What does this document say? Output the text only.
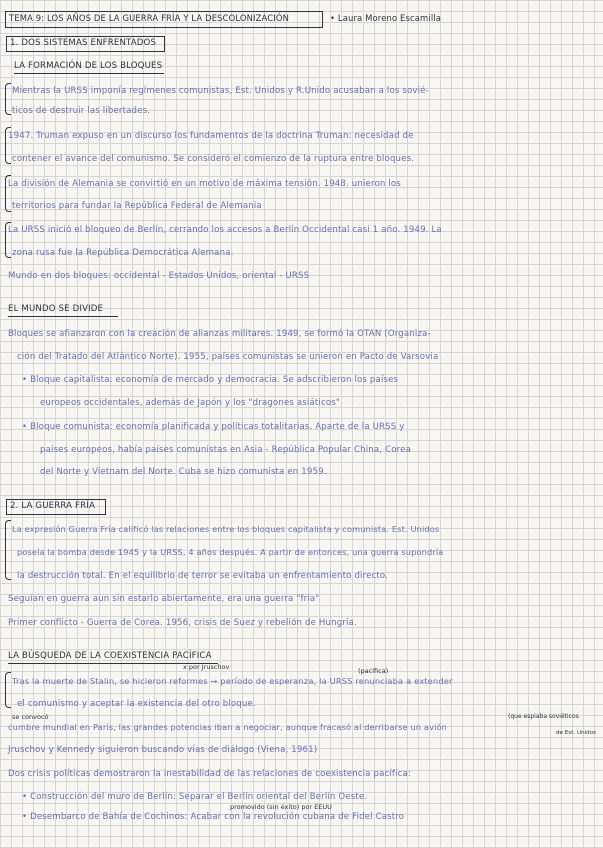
TEMA 9: LOS AÑOS DE LA GUERRA FRÍA Y LA DESCOLONIZACIÓN	• Laura Moreno Escamilla
1. DOS SISTEMAS ENFRENTADOS
LA FORMACIÓN DE LOS BLOQUES
Mientras la URSS imponía regímenes comunistas, Est. Unidos y R.Unido acusaban a los sovié-
ticos de destruir las libertades.
1947. Truman expuso en un discurso los fundamentos de la doctrina Truman: necesidad de
contener el avance del comunismo. Se consideró el comienzo de la ruptura entre bloques.
La división de Alemania se convirtió en un motivo de máxima tensión. 1948. unieron los
territorios para fundar la República Federal de Alemania
La URSS inició el bloqueo de Berlín, cerrando los accesos a Berlín Occidental casi 1 año. 1949. La
zona rusa fue la República Democrática Alemana.
Mundo en dos bloques: occidental - Estados Unidos, oriental - URSS
EL MUNDO SE DIVIDE
Bloques se afianzaron con la creación de alianzas militares. 1949, se formó la OTAN (Organiza-
ción del Tratado del Atlántico Norte). 1955, países comunistas se unieron en Pacto de Varsovia
• Bloque capitalista: economía de mercado y democracia. Se adscribieron los países
europeos occidentales, además de Japón y los "dragones asiáticos"
• Bloque comunista: economía planificada y políticas totalitarias. Aparte de la URSS y
países europeos, había países comunistas en Asia - República Popular China, Corea
del Norte y Vietnam del Norte. Cuba se hizo comunista en 1959.
2. LA GUERRA FRÍA
La expresión Guerra Fría calificó las relaciones entre los bloques capitalista y comunista. Est. Unidos
poseía la bomba desde 1945 y la URSS, 4 años después. A partir de entonces, una guerra supondría
la destrucción total. En el equilibrio de terror se evitaba un enfrentamiento directo.
Seguían en guerra aun sin estarlo abiertamente, era una guerra "fría"
Primer conflicto - Guerra de Corea. 1956, crisis de Suez y rebelión de Hungría.
LA BÚSQUEDA DE LA COEXISTENCIA PACÍFICA
x por Jruschov	(pacífica)
Tras la muerte de Stalin, se hicieron reformes → período de esperanza, la URSS renunciaba a extender
el comunismo y aceptar la existencia del otro bloque.
se convocó	(que espiaba soviéticos
cumbre mundial en París, las grandes potencias iban a negociar, aunque fracasó al derribarse un avión
de Est. Unidos
Jruschov y Kennedy siguieron buscando vías de diálogo (Viena, 1961)
Dos crisis políticas demostraron la inestabilidad de las relaciones de coexistencia pacífica:
• Construcción del muro de Berlín: Separar el Berlín oriental del Berlín Oeste.
promovido (sin éxito) por EEUU
• Desembarco de Bahía de Cochinos: Acabar con la revolución cubana de Fidel Castro
